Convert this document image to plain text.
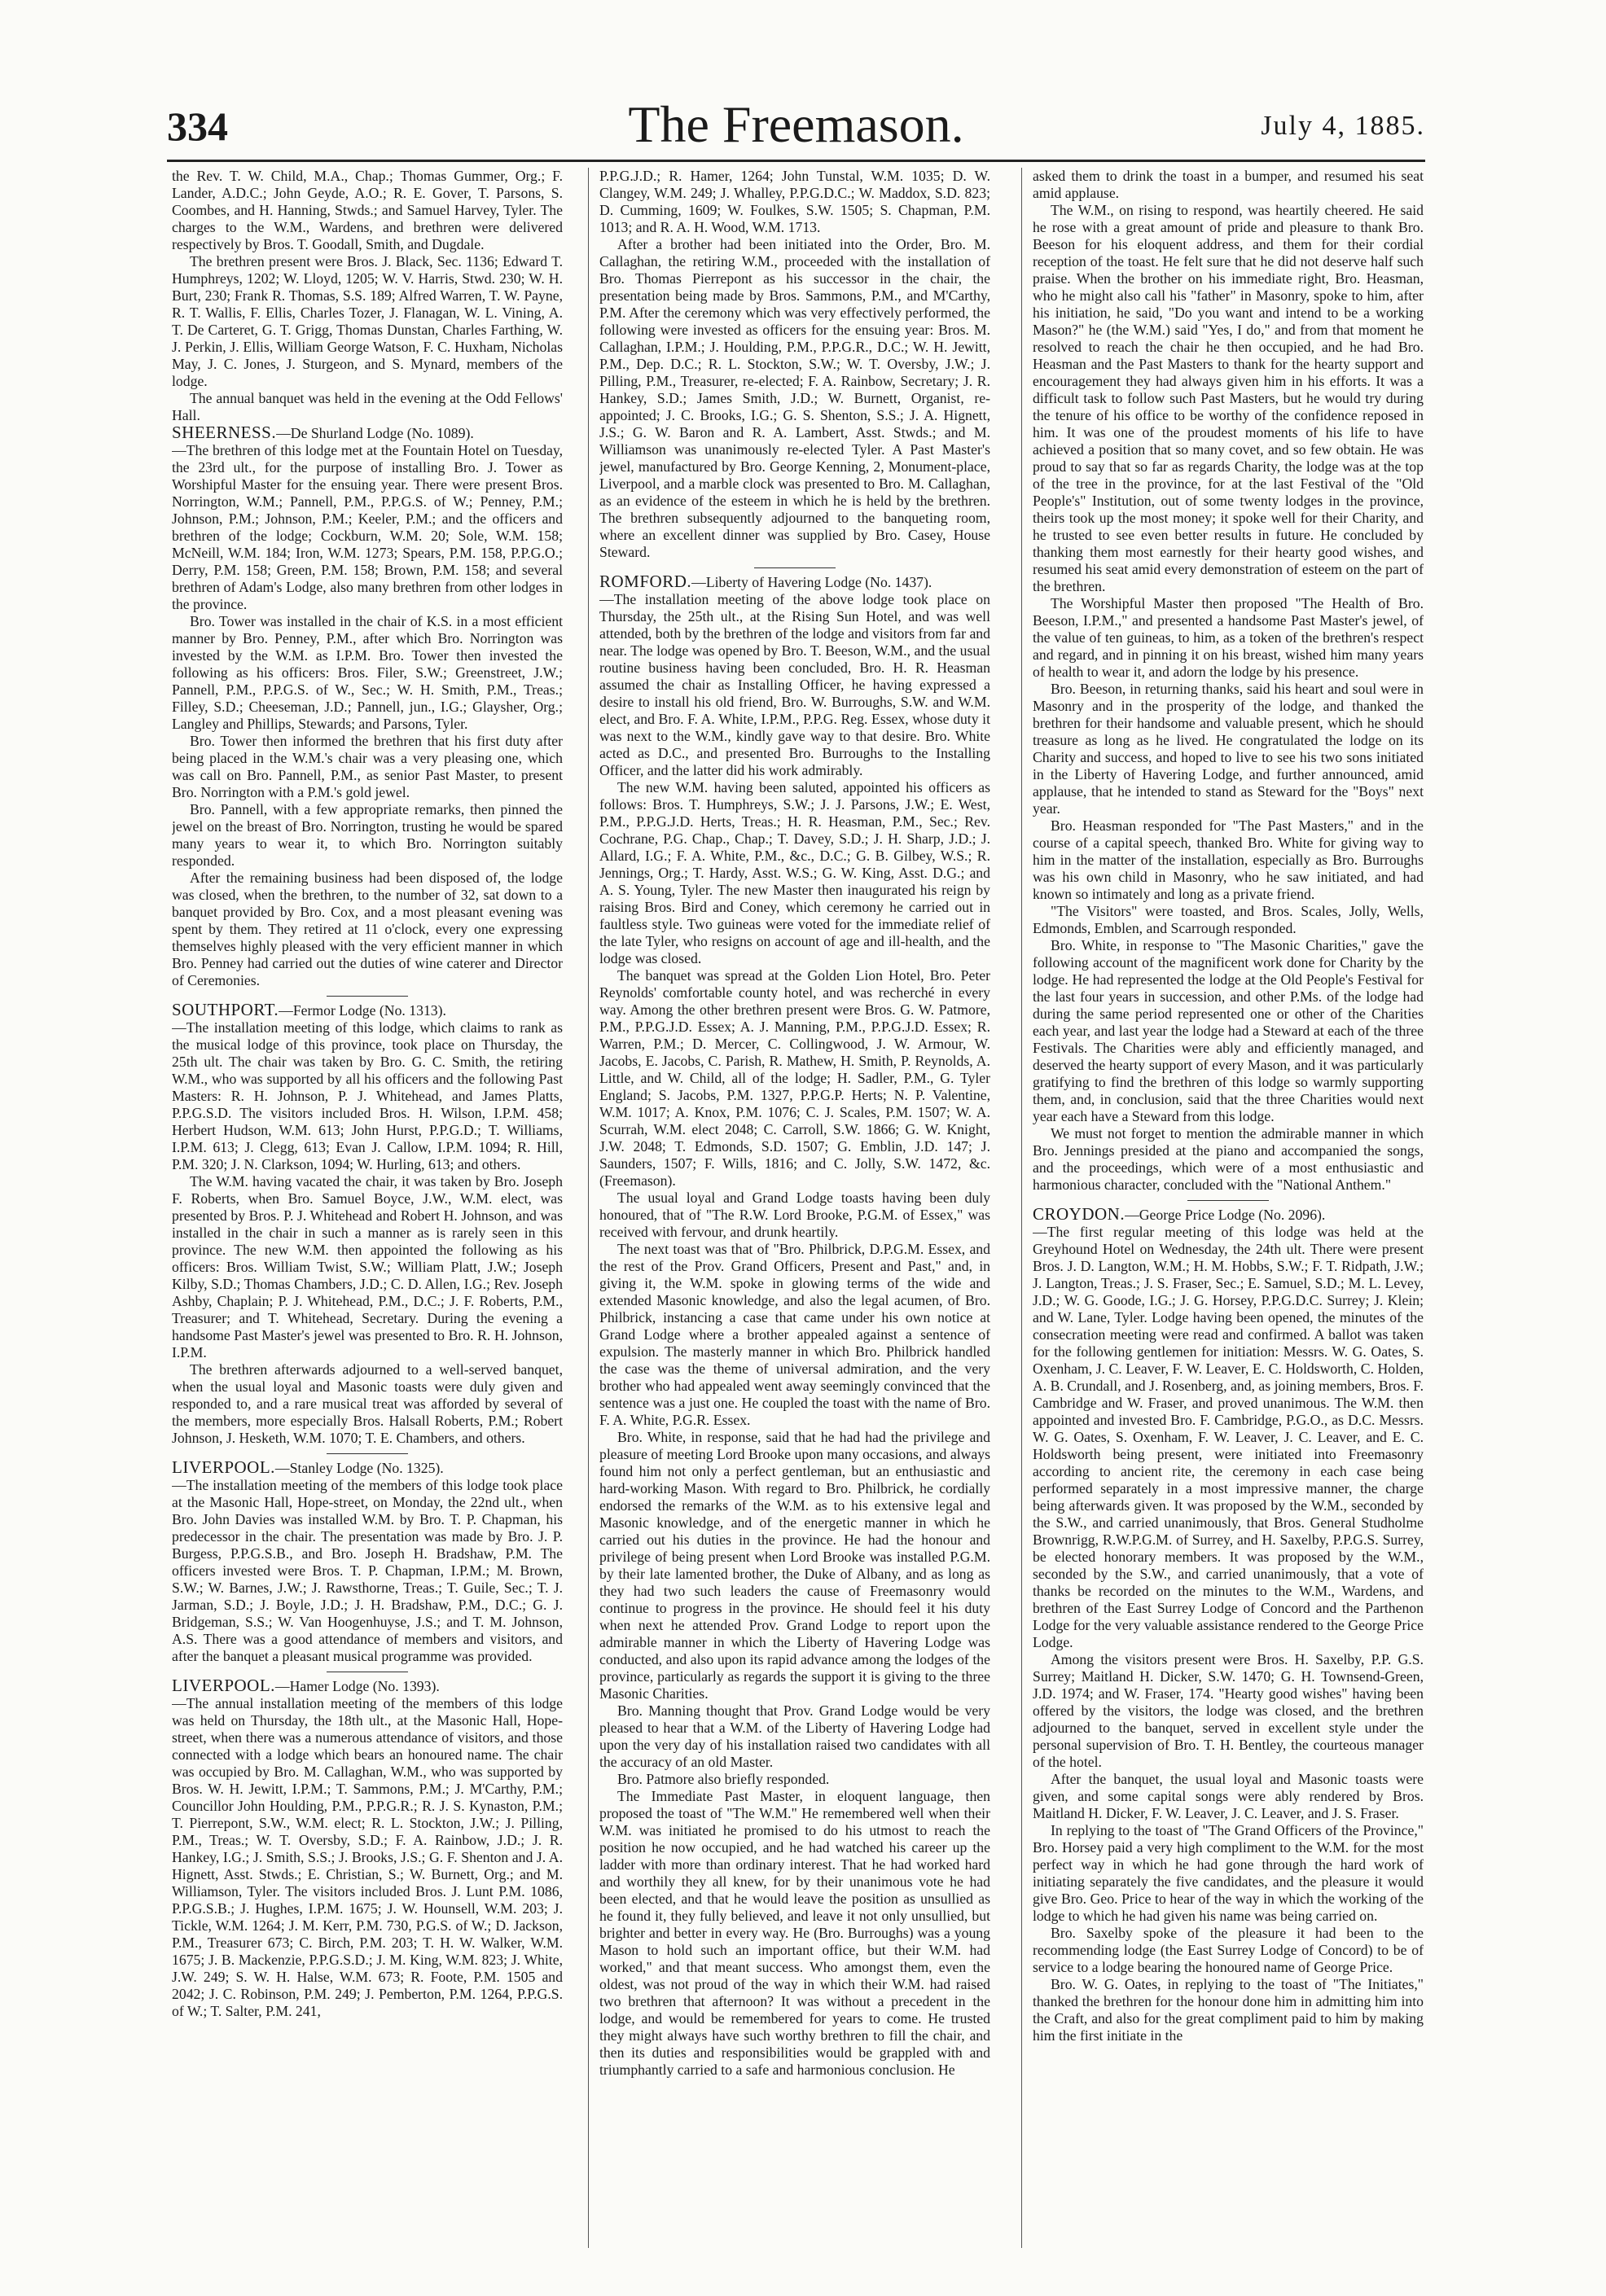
334	The Freemason.	July 4, 1885.

the Rev. T. W. Child, M.A., Chap.; Thomas Gummer, Org.; F. Lander, A.D.C.; John Geyde, A.O.; R. E. Gover, T. Parsons, S. Coombes, and H. Hanning, Stwds.; and Samuel Harvey, Tyler. The charges to the W.M., Wardens, and brethren were delivered respectively by Bros. T. Goodall, Smith, and Dugdale.

The brethren present were Bros. J. Black, Sec. 1136; Edward T. Humphreys, 1202; W. Lloyd, 1205; W. V. Harris, Stwd. 230; W. H. Burt, 230; Frank R. Thomas, S.S. 189; Alfred Warren, T. W. Payne, R. T. Wallis, F. Ellis, Charles Tozer, J. Flanagan, W. L. Vining, A. T. De Carteret, G. T. Grigg, Thomas Dunstan, Charles Farthing, W. J. Perkin, J. Ellis, William George Watson, F. C. Huxham, Nicholas May, J. C. Jones, J. Sturgeon, and S. Mynard, members of the lodge.

The annual banquet was held in the evening at the Odd Fellows' Hall.

SHEERNESS.—De Shurland Lodge (No. 1089).

—The brethren of this lodge met at the Fountain Hotel on Tuesday, the 23rd ult., for the purpose of installing Bro. J. Tower as Worshipful Master for the ensuing year. There were present Bros. Norrington, W.M.; Pannell, P.M., P.P.G.S. of W.; Penney, P.M.; Johnson, P.M.; Johnson, P.M.; Keeler, P.M.; and the officers and brethren of the lodge; Cockburn, W.M. 20; Sole, W.M. 158; McNeill, W.M. 184; Iron, W.M. 1273; Spears, P.M. 158, P.P.G.O.; Derry, P.M. 158; Green, P.M. 158; Brown, P.M. 158; and several brethren of Adam's Lodge, also many brethren from other lodges in the province.

Bro. Tower was installed in the chair of K.S. in a most efficient manner by Bro. Penney, P.M., after which Bro. Norrington was invested by the W.M. as I.P.M. Bro. Tower then invested the following as his officers: Bros. Filer, S.W.; Greenstreet, J.W.; Pannell, P.M., P.P.G.S. of W., Sec.; W. H. Smith, P.M., Treas.; Filley, S.D.; Cheeseman, J.D.; Pannell, jun., I.G.; Glaysher, Org.; Langley and Phillips, Stewards; and Parsons, Tyler.

Bro. Tower then informed the brethren that his first duty after being placed in the W.M.'s chair was a very pleasing one, which was call on Bro. Pannell, P.M., as senior Past Master, to present Bro. Norrington with a P.M.'s gold jewel.

Bro. Pannell, with a few appropriate remarks, then pinned the jewel on the breast of Bro. Norrington, trusting he would be spared many years to wear it, to which Bro. Norrington suitably responded.

After the remaining business had been disposed of, the lodge was closed, when the brethren, to the number of 32, sat down to a banquet provided by Bro. Cox, and a most pleasant evening was spent by them. They retired at 11 o'clock, every one expressing themselves highly pleased with the very efficient manner in which Bro. Penney had carried out the duties of wine caterer and Director of Ceremonies.

SOUTHPORT.—Fermor Lodge (No. 1313).

—The installation meeting of this lodge, which claims to rank as the musical lodge of this province, took place on Thursday, the 25th ult. The chair was taken by Bro. G. C. Smith, the retiring W.M., who was supported by all his officers and the following Past Masters: R. H. Johnson, P. J. Whitehead, and James Platts, P.P.G.S.D. The visitors included Bros. H. Wilson, I.P.M. 458; Herbert Hudson, W.M. 613; John Hurst, P.P.G.D.; T. Williams, I.P.M. 613; J. Clegg, 613; Evan J. Callow, I.P.M. 1094; R. Hill, P.M. 320; J. N. Clarkson, 1094; W. Hurling, 613; and others.

The W.M. having vacated the chair, it was taken by Bro. Joseph F. Roberts, when Bro. Samuel Boyce, J.W., W.M. elect, was presented by Bros. P. J. Whitehead and Robert H. Johnson, and was installed in the chair in such a manner as is rarely seen in this province. The new W.M. then appointed the following as his officers: Bros. William Twist, S.W.; William Platt, J.W.; Joseph Kilby, S.D.; Thomas Chambers, J.D.; C. D. Allen, I.G.; Rev. Joseph Ashby, Chaplain; P. J. Whitehead, P.M., D.C.; J. F. Roberts, P.M., Treasurer; and T. Whitehead, Secretary. During the evening a handsome Past Master's jewel was presented to Bro. R. H. Johnson, I.P.M.

The brethren afterwards adjourned to a well-served banquet, when the usual loyal and Masonic toasts were duly given and responded to, and a rare musical treat was afforded by several of the members, more especially Bros. Halsall Roberts, P.M.; Robert Johnson, J. Hesketh, W.M. 1070; T. E. Chambers, and others.

LIVERPOOL.—Stanley Lodge (No. 1325).

—The installation meeting of the members of this lodge took place at the Masonic Hall, Hope-street, on Monday, the 22nd ult., when Bro. John Davies was installed W.M. by Bro. T. P. Chapman, his predecessor in the chair. The presentation was made by Bro. J. P. Burgess, P.P.G.S.B., and Bro. Joseph H. Bradshaw, P.M. The officers invested were Bros. T. P. Chapman, I.P.M.; M. Brown, S.W.; W. Barnes, J.W.; J. Rawsthorne, Treas.; T. Guile, Sec.; T. J. Jarman, S.D.; J. Boyle, J.D.; J. H. Bradshaw, P.M., D.C.; G. J. Bridgeman, S.S.; W. Van Hoogenhuyse, J.S.; and T. M. Johnson, A.S. There was a good attendance of members and visitors, and after the banquet a pleasant musical programme was provided.

LIVERPOOL.—Hamer Lodge (No. 1393).

—The annual installation meeting of the members of this lodge was held on Thursday, the 18th ult., at the Masonic Hall, Hope-street, when there was a numerous attendance of visitors, and those connected with a lodge which bears an honoured name. The chair was occupied by Bro. M. Callaghan, W.M., who was supported by Bros. W. H. Jewitt, I.P.M.; T. Sammons, P.M.; J. M'Carthy, P.M.; Councillor John Houlding, P.M., P.P.G.R.; R. J. S. Kynaston, P.M.; T. Pierrepont, S.W., W.M. elect; R. L. Stockton, J.W.; J. Pilling, P.M., Treas.; W. T. Oversby, S.D.; F. A. Rainbow, J.D.; J. R. Hankey, I.G.; J. Smith, S.S.; J. Brooks, J.S.; G. F. Shenton and J. A. Hignett, Asst. Stwds.; E. Christian, S.; W. Burnett, Org.; and M. Williamson, Tyler. The visitors included Bros. J. Lunt P.M. 1086, P.P.G.S.B.; J. Hughes, I.P.M. 1675; J. W. Hounsell, W.M. 203; J. Tickle, W.M. 1264; J. M. Kerr, P.M. 730, P.G.S. of W.; D. Jackson, P.M., Treasurer 673; C. Birch, P.M. 203; T. H. W. Walker, W.M. 1675; J. B. Mackenzie, P.P.G.S.D.; J. M. King, W.M. 823; J. White, J.W. 249; S. W. H. Halse, W.M. 673; R. Foote, P.M. 1505 and 2042; J. C. Robinson, P.M. 249; J. Pemberton, P.M. 1264, P.P.G.S. of W.; T. Salter, P.M. 241,

P.P.G.J.D.; R. Hamer, 1264; John Tunstal, W.M. 1035; D. W. Clangey, W.M. 249; J. Whalley, P.P.G.D.C.; W. Maddox, S.D. 823; D. Cumming, 1609; W. Foulkes, S.W. 1505; S. Chapman, P.M. 1013; and R. A. H. Wood, W.M. 1713.

After a brother had been initiated into the Order, Bro. M. Callaghan, the retiring W.M., proceeded with the installation of Bro. Thomas Pierrepont as his successor in the chair, the presentation being made by Bros. Sammons, P.M., and M'Carthy, P.M. After the ceremony which was very effectively performed, the following were invested as officers for the ensuing year: Bros. M. Callaghan, I.P.M.; J. Houlding, P.M., P.P.G.R., D.C.; W. H. Jewitt, P.M., Dep. D.C.; R. L. Stockton, S.W.; W. T. Oversby, J.W.; J. Pilling, P.M., Treasurer, re-elected; F. A. Rainbow, Secretary; J. R. Hankey, S.D.; James Smith, J.D.; W. Burnett, Organist, re-appointed; J. C. Brooks, I.G.; G. S. Shenton, S.S.; J. A. Hignett, J.S.; G. W. Baron and R. A. Lambert, Asst. Stwds.; and M. Williamson was unanimously re-elected Tyler. A Past Master's jewel, manufactured by Bro. George Kenning, 2, Monument-place, Liverpool, and a marble clock was presented to Bro. M. Callaghan, as an evidence of the esteem in which he is held by the brethren. The brethren subsequently adjourned to the banqueting room, where an excellent dinner was supplied by Bro. Casey, House Steward.

ROMFORD.—Liberty of Havering Lodge (No. 1437).

—The installation meeting of the above lodge took place on Thursday, the 25th ult., at the Rising Sun Hotel, and was well attended, both by the brethren of the lodge and visitors from far and near. The lodge was opened by Bro. T. Beeson, W.M., and the usual routine business having been concluded, Bro. H. R. Heasman assumed the chair as Installing Officer, he having expressed a desire to install his old friend, Bro. W. Burroughs, S.W. and W.M. elect, and Bro. F. A. White, I.P.M., P.P.G. Reg. Essex, whose duty it was next to the W.M., kindly gave way to that desire. Bro. White acted as D.C., and presented Bro. Burroughs to the Installing Officer, and the latter did his work admirably.

The new W.M. having been saluted, appointed his officers as follows: Bros. T. Humphreys, S.W.; J. J. Parsons, J.W.; E. West, P.M., P.P.G.J.D. Herts, Treas.; H. R. Heasman, P.M., Sec.; Rev. Cochrane, P.G. Chap., Chap.; T. Davey, S.D.; J. H. Sharp, J.D.; J. Allard, I.G.; F. A. White, P.M., &c., D.C.; G. B. Gilbey, W.S.; R. Jennings, Org.; T. Hardy, Asst. W.S.; G. W. King, Asst. D.G.; and A. S. Young, Tyler. The new Master then inaugurated his reign by raising Bros. Bird and Coney, which ceremony he carried out in faultless style. Two guineas were voted for the immediate relief of the late Tyler, who resigns on account of age and ill-health, and the lodge was closed.

The banquet was spread at the Golden Lion Hotel, Bro. Peter Reynolds' comfortable county hotel, and was recherché in every way. Among the other brethren present were Bros. G. W. Patmore, P.M., P.P.G.J.D. Essex; A. J. Manning, P.M., P.P.G.J.D. Essex; R. Warren, P.M.; D. Mercer, C. Collingwood, J. W. Armour, W. Jacobs, E. Jacobs, C. Parish, R. Mathew, H. Smith, P. Reynolds, A. Little, and W. Child, all of the lodge; H. Sadler, P.M., G. Tyler England; S. Jacobs, P.M. 1327, P.P.G.P. Herts; N. P. Valentine, W.M. 1017; A. Knox, P.M. 1076; C. J. Scales, P.M. 1507; W. A. Scurrah, W.M. elect 2048; C. Carroll, S.W. 1866; G. W. Knight, J.W. 2048; T. Edmonds, S.D. 1507; G. Emblin, J.D. 147; J. Saunders, 1507; F. Wills, 1816; and C. Jolly, S.W. 1472, &c. (Freemason).

The usual loyal and Grand Lodge toasts having been duly honoured, that of "The R.W. Lord Brooke, P.G.M. of Essex," was received with fervour, and drunk heartily.

The next toast was that of "Bro. Philbrick, D.P.G.M. Essex, and the rest of the Prov. Grand Officers, Present and Past," and, in giving it, the W.M. spoke in glowing terms of the wide and extended Masonic knowledge, and also the legal acumen, of Bro. Philbrick, instancing a case that came under his own notice at Grand Lodge where a brother appealed against a sentence of expulsion. The masterly manner in which Bro. Philbrick handled the case was the theme of universal admiration, and the very brother who had appealed went away seemingly convinced that the sentence was a just one. He coupled the toast with the name of Bro. F. A. White, P.G.R. Essex.

Bro. White, in response, said that he had had the privilege and pleasure of meeting Lord Brooke upon many occasions, and always found him not only a perfect gentleman, but an enthusiastic and hard-working Mason. With regard to Bro. Philbrick, he cordially endorsed the remarks of the W.M. as to his extensive legal and Masonic knowledge, and of the energetic manner in which he carried out his duties in the province. He had the honour and privilege of being present when Lord Brooke was installed P.G.M. by their late lamented brother, the Duke of Albany, and as long as they had two such leaders the cause of Freemasonry would continue to progress in the province. He should feel it his duty when next he attended Prov. Grand Lodge to report upon the admirable manner in which the Liberty of Havering Lodge was conducted, and also upon its rapid advance among the lodges of the province, particularly as regards the support it is giving to the three Masonic Charities.

Bro. Manning thought that Prov. Grand Lodge would be very pleased to hear that a W.M. of the Liberty of Havering Lodge had upon the very day of his installation raised two candidates with all the accuracy of an old Master.

Bro. Patmore also briefly responded.

The Immediate Past Master, in eloquent language, then proposed the toast of "The W.M." He remembered well when their W.M. was initiated he promised to do his utmost to reach the position he now occupied, and he had watched his career up the ladder with more than ordinary interest. That he had worked hard and worthily they all knew, for by their unanimous vote he had been elected, and that he would leave the position as unsullied as he found it, they fully believed, and leave it not only unsullied, but brighter and better in every way. He (Bro. Burroughs) was a young Mason to hold such an important office, but their W.M. had worked," and that meant success. Who amongst them, even the oldest, was not proud of the way in which their W.M. had raised two brethren that afternoon? It was without a precedent in the lodge, and would be remembered for years to come. He trusted they might always have such worthy brethren to fill the chair, and then its duties and responsibilities would be grappled with and triumphantly carried to a safe and harmonious conclusion. He

asked them to drink the toast in a bumper, and resumed his seat amid applause.

The W.M., on rising to respond, was heartily cheered. He said he rose with a great amount of pride and pleasure to thank Bro. Beeson for his eloquent address, and them for their cordial reception of the toast. He felt sure that he did not deserve half such praise. When the brother on his immediate right, Bro. Heasman, who he might also call his "father" in Masonry, spoke to him, after his initiation, he said, "Do you want and intend to be a working Mason?" he (the W.M.) said "Yes, I do," and from that moment he resolved to reach the chair he then occupied, and he had Bro. Heasman and the Past Masters to thank for the hearty support and encouragement they had always given him in his efforts. It was a difficult task to follow such Past Masters, but he would try during the tenure of his office to be worthy of the confidence reposed in him. It was one of the proudest moments of his life to have achieved a position that so many covet, and so few obtain. He was proud to say that so far as regards Charity, the lodge was at the top of the tree in the province, for at the last Festival of the "Old People's" Institution, out of some twenty lodges in the province, theirs took up the most money; it spoke well for their Charity, and he trusted to see even better results in future. He concluded by thanking them most earnestly for their hearty good wishes, and resumed his seat amid every demonstration of esteem on the part of the brethren.

The Worshipful Master then proposed "The Health of Bro. Beeson, I.P.M.," and presented a handsome Past Master's jewel, of the value of ten guineas, to him, as a token of the brethren's respect and regard, and in pinning it on his breast, wished him many years of health to wear it, and adorn the lodge by his presence.

Bro. Beeson, in returning thanks, said his heart and soul were in Masonry and in the prosperity of the lodge, and thanked the brethren for their handsome and valuable present, which he should treasure as long as he lived. He congratulated the lodge on its Charity and success, and hoped to live to see his two sons initiated in the Liberty of Havering Lodge, and further announced, amid applause, that he intended to stand as Steward for the "Boys" next year.

Bro. Heasman responded for "The Past Masters," and in the course of a capital speech, thanked Bro. White for giving way to him in the matter of the installation, especially as Bro. Burroughs was his own child in Masonry, who he saw initiated, and had known so intimately and long as a private friend.

"The Visitors" were toasted, and Bros. Scales, Jolly, Wells, Edmonds, Emblen, and Scarrough responded.

Bro. White, in response to "The Masonic Charities," gave the following account of the magnificent work done for Charity by the lodge. He had represented the lodge at the Old People's Festival for the last four years in succession, and other P.Ms. of the lodge had during the same period represented one or other of the Charities each year, and last year the lodge had a Steward at each of the three Festivals. The Charities were ably and efficiently managed, and deserved the hearty support of every Mason, and it was particularly gratifying to find the brethren of this lodge so warmly supporting them, and, in conclusion, said that the three Charities would next year each have a Steward from this lodge.

We must not forget to mention the admirable manner in which Bro. Jennings presided at the piano and accompanied the songs, and the proceedings, which were of a most enthusiastic and harmonious character, concluded with the "National Anthem."

CROYDON.—George Price Lodge (No. 2096).

—The first regular meeting of this lodge was held at the Greyhound Hotel on Wednesday, the 24th ult. There were present Bros. J. D. Langton, W.M.; H. M. Hobbs, S.W.; F. T. Ridpath, J.W.; J. Langton, Treas.; J. S. Fraser, Sec.; E. Samuel, S.D.; M. L. Levey, J.D.; W. G. Goode, I.G.; J. G. Horsey, P.P.G.D.C. Surrey; J. Klein; and W. Lane, Tyler. Lodge having been opened, the minutes of the consecration meeting were read and confirmed. A ballot was taken for the following gentlemen for initiation: Messrs. W. G. Oates, S. Oxenham, J. C. Leaver, F. W. Leaver, E. C. Holdsworth, C. Holden, A. B. Crundall, and J. Rosenberg, and, as joining members, Bros. F. Cambridge and W. Fraser, and proved unanimous. The W.M. then appointed and invested Bro. F. Cambridge, P.G.O., as D.C. Messrs. W. G. Oates, S. Oxenham, F. W. Leaver, J. C. Leaver, and E. C. Holdsworth being present, were initiated into Freemasonry according to ancient rite, the ceremony in each case being performed separately in a most impressive manner, the charge being afterwards given. It was proposed by the W.M., seconded by the S.W., and carried unanimously, that Bros. General Studholme Brownrigg, R.W.P.G.M. of Surrey, and H. Saxelby, P.P.G.S. Surrey, be elected honorary members. It was proposed by the W.M., seconded by the S.W., and carried unanimously, that a vote of thanks be recorded on the minutes to the W.M., Wardens, and brethren of the East Surrey Lodge of Concord and the Parthenon Lodge for the very valuable assistance rendered to the George Price Lodge.

Among the visitors present were Bros. H. Saxelby, P.P. G.S. Surrey; Maitland H. Dicker, S.W. 1470; G. H. Townsend-Green, J.D. 1974; and W. Fraser, 174. "Hearty good wishes" having been offered by the visitors, the lodge was closed, and the brethren adjourned to the banquet, served in excellent style under the personal supervision of Bro. T. H. Bentley, the courteous manager of the hotel.

After the banquet, the usual loyal and Masonic toasts were given, and some capital songs were ably rendered by Bros. Maitland H. Dicker, F. W. Leaver, J. C. Leaver, and J. S. Fraser.

In replying to the toast of "The Grand Officers of the Province," Bro. Horsey paid a very high compliment to the W.M. for the most perfect way in which he had gone through the hard work of initiating separately the five candidates, and the pleasure it would give Bro. Geo. Price to hear of the way in which the working of the lodge to which he had given his name was being carried on.

Bro. Saxelby spoke of the pleasure it had been to the recommending lodge (the East Surrey Lodge of Concord) to be of service to a lodge bearing the honoured name of George Price.

Bro. W. G. Oates, in replying to the toast of "The Initiates," thanked the brethren for the honour done him in admitting him into the Craft, and also for the great compliment paid to him by making him the first initiate in the
